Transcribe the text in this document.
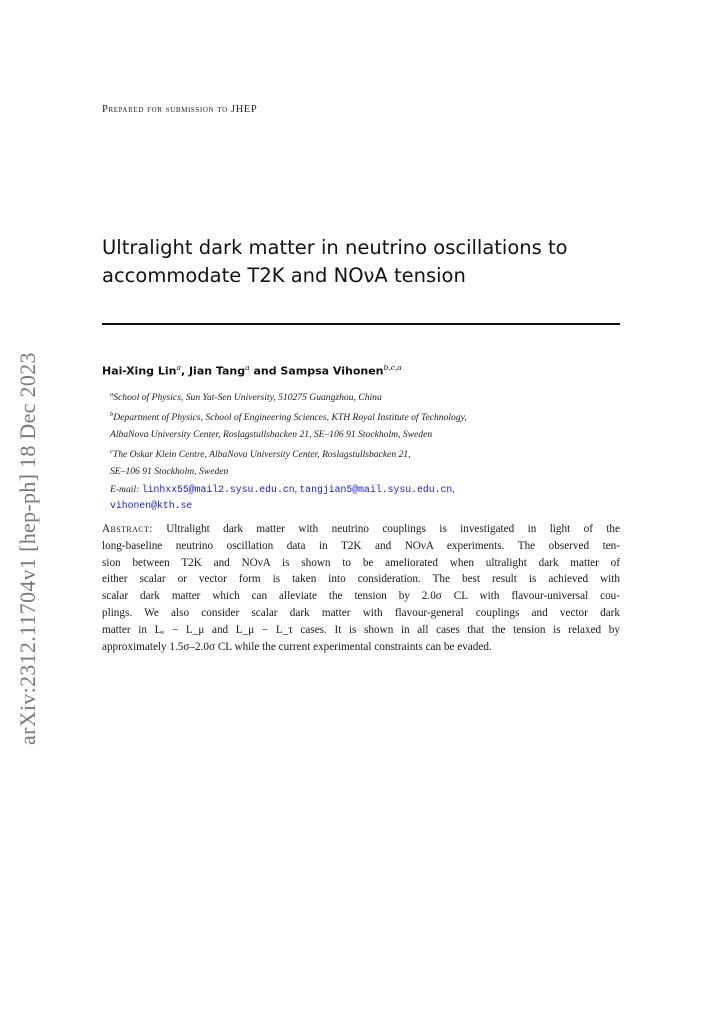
Prepared for submission to JHEP
Ultralight dark matter in neutrino oscillations to
accommodate T2K and NOνA tension
Hai-Xing Lin$^a$, Jian Tang$^a$ and Sampsa Vihonen$^{b,c,a}$
$^a$School of Physics, Sun Yat-Sen University, 510275 Guangzhou, China
$^b$Department of Physics, School of Engineering Sciences, KTH Royal Institute of Technology,
AlbaNova University Center, Roslagstullsbacken 21, SE–106 91 Stockholm, Sweden
$^c$The Oskar Klein Centre, AlbaNova University Center, Roslagstullsbacken 21,
SE–106 91 Stockholm, Sweden
E-mail: linhxx55@mail2.sysu.edu.cn, tangjian5@mail.sysu.edu.cn,
vihonen@kth.se
Abstract: Ultralight dark matter with neutrino couplings is investigated in light of the
long-baseline neutrino oscillation data in T2K and NOνA experiments. The observed ten-
sion between T2K and NOνA is shown to be ameliorated when ultralight dark matter of
either scalar or vector form is taken into consideration. The best result is achieved with
scalar dark matter which can alleviate the tension by 2.0σ CL with flavour-universal cou-
plings. We also consider scalar dark matter with flavour-general couplings and vector dark
matter in Lₑ − L_μ and L_μ − L_τ cases. It is shown in all cases that the tension is relaxed by
approximately 1.5σ–2.0σ CL while the current experimental constraints can be evaded.
arXiv:2312.11704v1 [hep-ph] 18 Dec 2023
